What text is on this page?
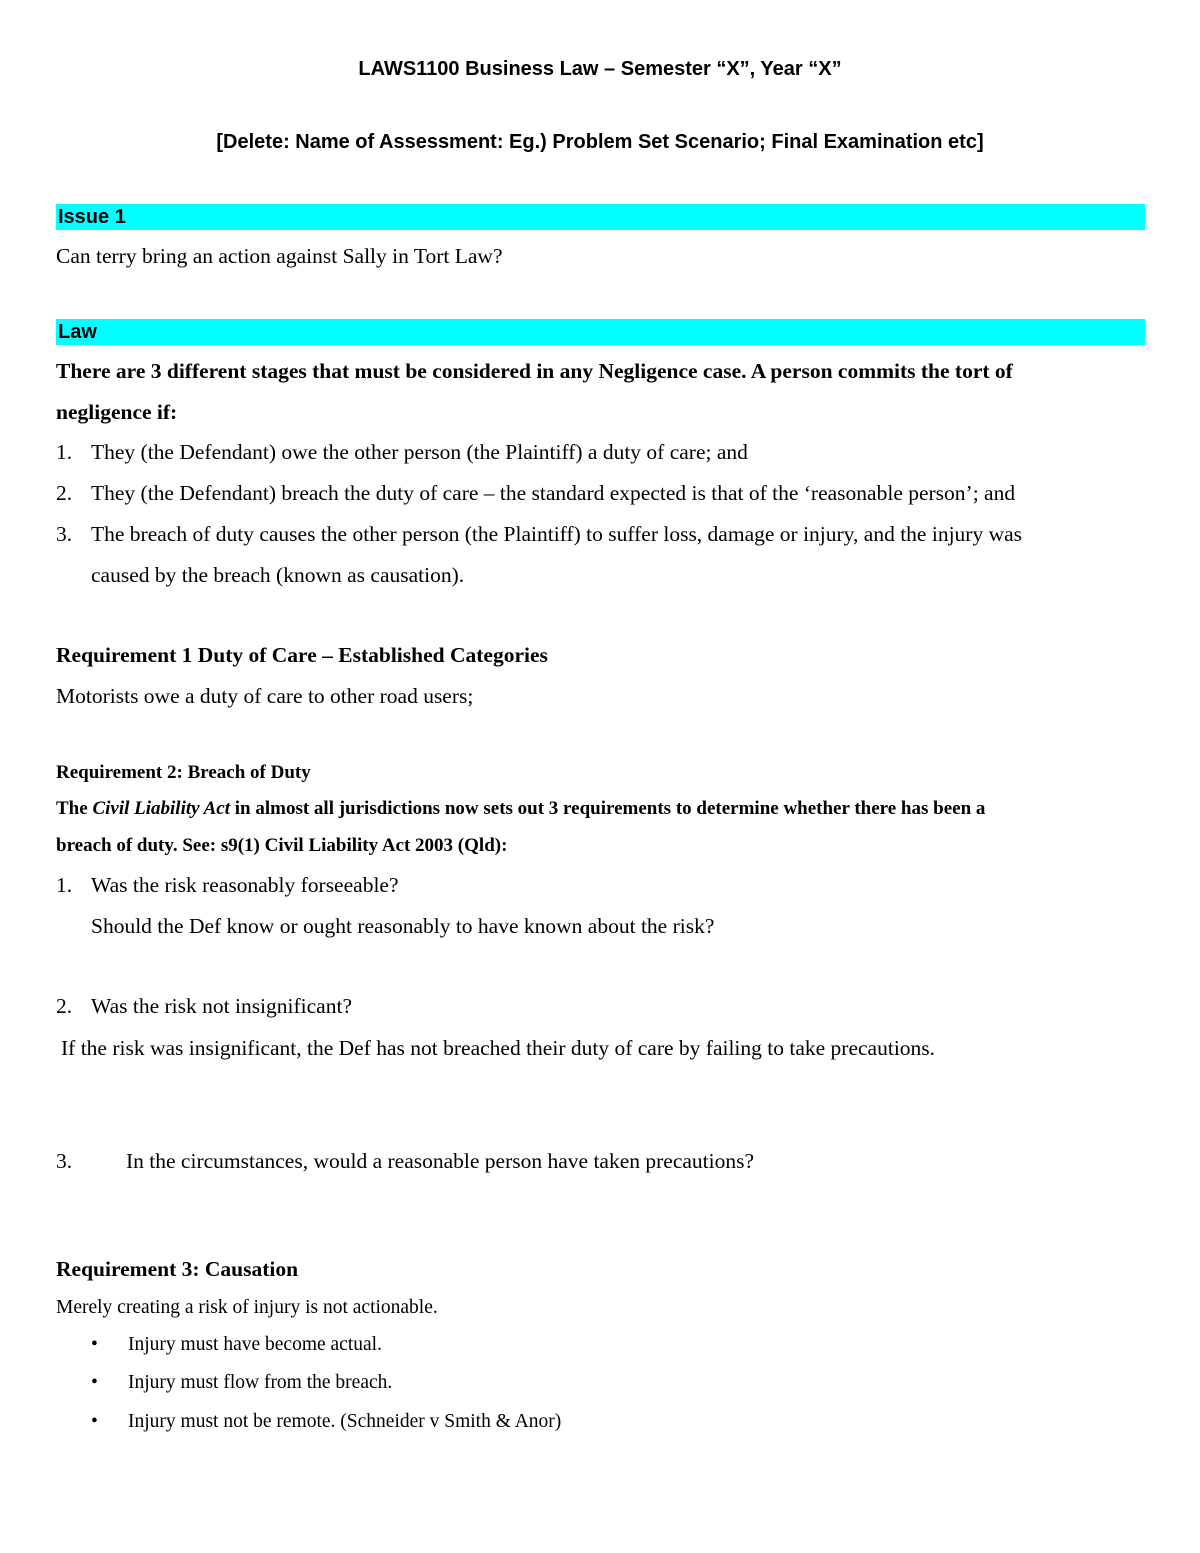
LAWS1100 Business Law – Semester “X”, Year “X”
[Delete: Name of Assessment: Eg.) Problem Set Scenario; Final Examination etc]
Issue 1
Can terry bring an action against Sally in Tort Law?
Law
There are 3 different stages that must be considered in any Negligence case. A person commits the tort of
negligence if:
1. They (the Defendant) owe the other person (the Plaintiff) a duty of care; and
2. They (the Defendant) breach the duty of care – the standard expected is that of the ‘reasonable person’; and
3. The breach of duty causes the other person (the Plaintiff) to suffer loss, damage or injury, and the injury was
caused by the breach (known as causation).
Requirement 1 Duty of Care – Established Categories
Motorists owe a duty of care to other road users;
Requirement 2: Breach of Duty
The Civil Liability Act in almost all jurisdictions now sets out 3 requirements to determine whether there has been a
breach of duty. See: s9(1) Civil Liability Act 2003 (Qld):
1. Was the risk reasonably forseeable?
Should the Def know or ought reasonably to have known about the risk?
2. Was the risk not insignificant?
If the risk was insignificant, the Def has not breached their duty of care by failing to take precautions.
3.	In the circumstances, would a reasonable person have taken precautions?
Requirement 3: Causation
Merely creating a risk of injury is not actionable.
• Injury must have become actual.
• Injury must flow from the breach.
• Injury must not be remote. (Schneider v Smith & Anor)
